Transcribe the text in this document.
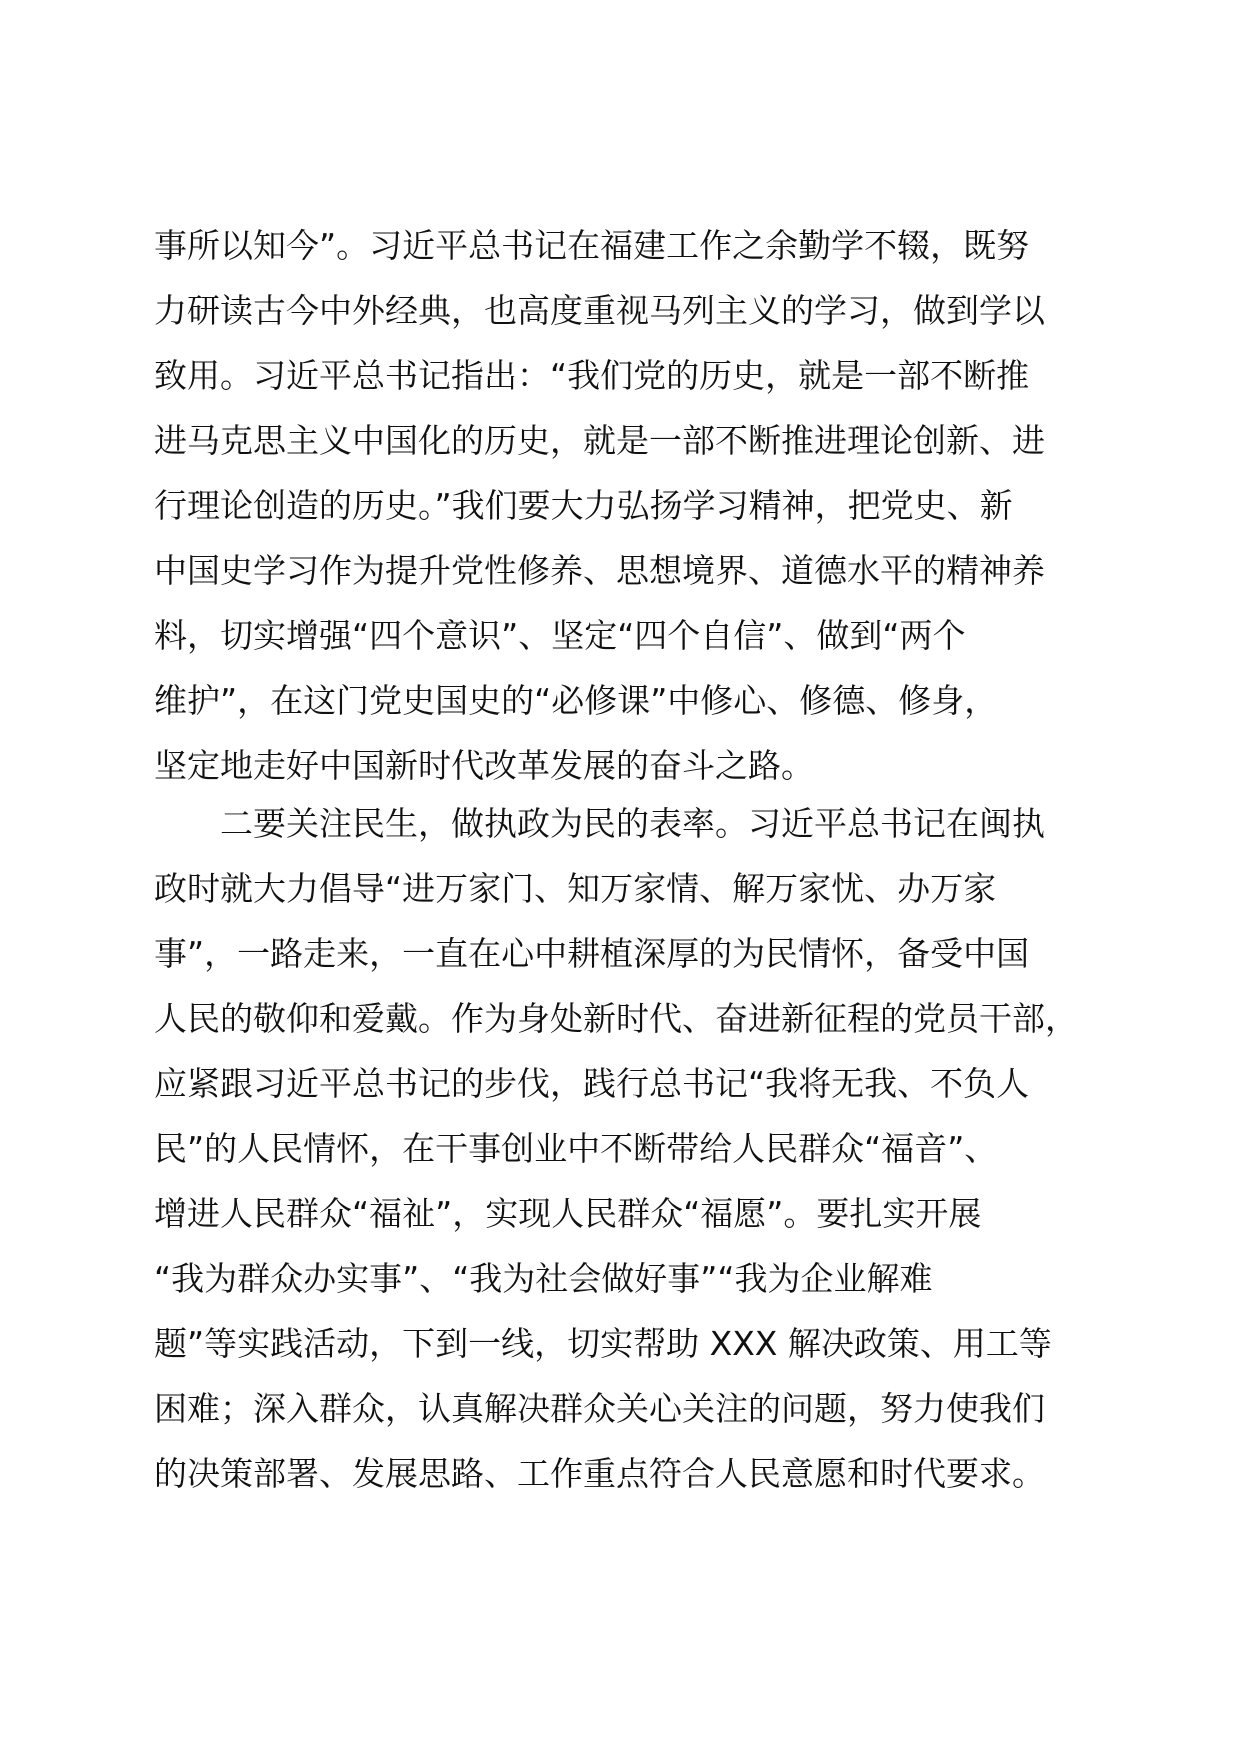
事所以知今”。习近平总书记在福建工作之余勤学不辍，既努
力研读古今中外经典，也高度重视马列主义的学习，做到学以
致用。习近平总书记指出：“我们党的历史，就是一部不断推
进马克思主义中国化的历史，就是一部不断推进理论创新、进
行理论创造的历史。”我们要大力弘扬学习精神，把党史、新
中国史学习作为提升党性修养、思想境界、道德水平的精神养
料，切实增强“四个意识”、坚定“四个自信”、做到“两个
维护”，在这门党史国史的“必修课”中修心、修德、修身，
坚定地走好中国新时代改革发展的奋斗之路。
　　二要关注民生，做执政为民的表率。习近平总书记在闽执
政时就大力倡导“进万家门、知万家情、解万家忧、办万家
事”，一路走来，一直在心中耕植深厚的为民情怀，备受中国
人民的敬仰和爱戴。作为身处新时代、奋进新征程的党员干部，
应紧跟习近平总书记的步伐，践行总书记“我将无我、不负人
民”的人民情怀，在干事创业中不断带给人民群众“福音”、
增进人民群众“福祉”，实现人民群众“福愿”。要扎实开展
“我为群众办实事”、“我为社会做好事”“我为企业解难
题”等实践活动，下到一线，切实帮助 XXX 解决政策、用工等
困难；深入群众，认真解决群众关心关注的问题，努力使我们
的决策部署、发展思路、工作重点符合人民意愿和时代要求。
